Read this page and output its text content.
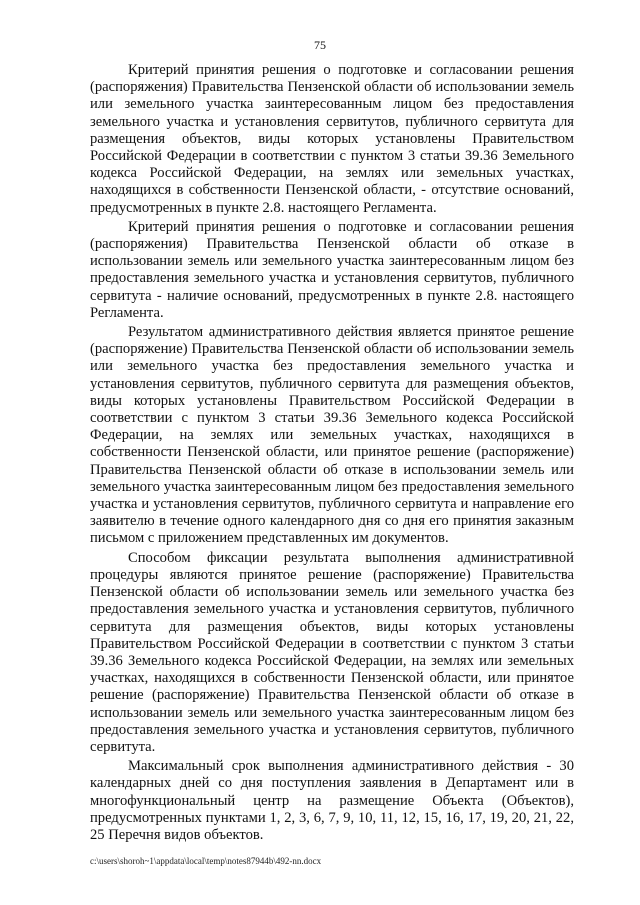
75

Критерий принятия решения о подготовке и согласовании решения (распоряжения) Правительства Пензенской области об использовании земель или земельного участка заинтересованным лицом без предоставления земельного участка и установления сервитутов, публичного сервитута для размещения объектов, виды которых установлены Правительством Российской Федерации в соответствии с пунктом 3 статьи 39.36 Земельного кодекса Российской Федерации, на землях или земельных участках, находящихся в собственности Пензенской области, - отсутствие оснований, предусмотренных в пункте 2.8. настоящего Регламента.

Критерий принятия решения о подготовке и согласовании решения (распоряжения) Правительства Пензенской области об отказе в использовании земель или земельного участка заинтересованным лицом без предоставления земельного участка и установления сервитутов, публичного сервитута - наличие оснований, предусмотренных в пункте 2.8. настоящего Регламента.

Результатом административного действия является принятое решение (распоряжение) Правительства Пензенской области об использовании земель или земельного участка без предоставления земельного участка и установления сервитутов, публичного сервитута для размещения объектов, виды которых установлены Правительством Российской Федерации в соответствии с пунктом 3 статьи 39.36 Земельного кодекса Российской Федерации, на землях или земельных участках, находящихся в собственности Пензенской области, или принятое решение (распоряжение) Правительства Пензенской области об отказе в использовании земель или земельного участка заинтересованным лицом без предоставления земельного участка и установления сервитутов, публичного сервитута и направление его заявителю в течение одного календарного дня со дня его принятия заказным письмом с приложением представленных им документов.

Способом фиксации результата выполнения административной процедуры являются принятое решение (распоряжение) Правительства Пензенской области об использовании земель или земельного участка без предоставления земельного участка и установления сервитутов, публичного сервитута для размещения объектов, виды которых установлены Правительством Российской Федерации в соответствии с пунктом 3 статьи 39.36 Земельного кодекса Российской Федерации, на землях или земельных участках, находящихся в собственности Пензенской области, или принятое решение (распоряжение) Правительства Пензенской области об отказе в использовании земель или земельного участка заинтересованным лицом без предоставления земельного участка и установления сервитутов, публичного сервитута.

Максимальный срок выполнения административного действия - 30 календарных дней со дня поступления заявления в Департамент или в многофункциональный центр на размещение Объекта (Объектов), предусмотренных пунктами 1, 2, 3, 6, 7, 9, 10, 11, 12, 15, 16, 17, 19, 20, 21, 22, 25 Перечня видов объектов.

c:\users\shoroh~1\appdata\local\temp\notes87944b\492-nn.docx
